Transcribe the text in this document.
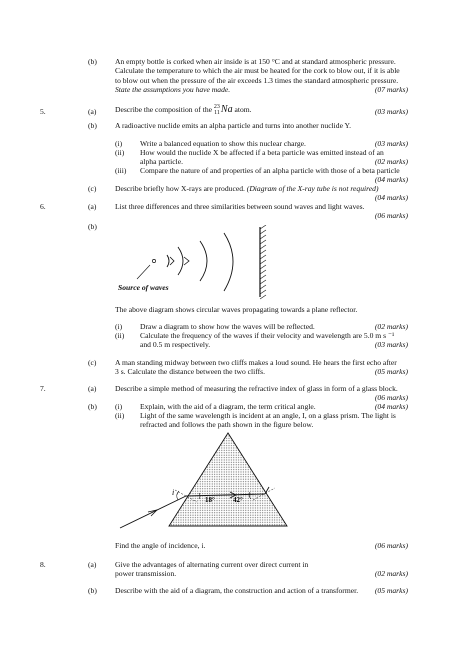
(b) An empty bottle is corked when air inside is at 150 °C and at standard atmospheric pressure.
Calculate the temperature to which the air must be heated for the cork to blow out, if it is able
to blow out when the pressure of the air exceeds 1.3 times the standard atmospheric pressure.
State the assumptions you have made.	(07 marks)
5.	(a) Describe the composition of the 23
11 Na atom.	(03 marks)
(b) A radioactive nuclide emits an alpha particle and turns into another nuclide Y.
(i) Write a balanced equation to show this nuclear charge.	(03 marks)
(ii) How would the nuclide X be affected if a beta particle was emitted instead of an
alpha particle.	(02 marks)
(iii) Compare the nature of and properties of an alpha particle with those of a beta particle
(04 marks)
(c) Describe briefly how X-rays are produced. (Diagram of the X-ray tube is not required)
(04 marks)
6.	(a) List three differences and three similarities between sound waves and light waves.
(06 marks)
(b)
Source of waves
The above diagram shows circular waves propagating towards a plane reflector.
(i) Draw a diagram to show how the waves will be reflected.	(02 marks)
(ii) Calculate the frequency of the waves if their velocity and wavelength are 5.0 m s ⁻¹
and 0.5 m respectively.	(03 marks)
(c) A man standing midway between two cliffs makes a loud sound. He hears the first echo after
3 s. Calculate the distance between the two cliffs.	(05 marks)
7.	(a) Describe a simple method of measuring the refractive index of glass in form of a glass block.
(06 marks)
(b) (i) Explain, with the aid of a diagram, the term critical angle.	(04 marks)
(ii) Light of the same wavelength is incident at an angle, I, on a glass prism. The light is
refracted and follows the path shown in the figure below.
i
18°	42°
Find the angle of incidence, i.	(06 marks)
8.	(a) Give the advantages of alternating current over direct current in
power transmission.	(02 marks)
(b) Describe with the aid of a diagram, the construction and action of a transformer.	(05 marks)
